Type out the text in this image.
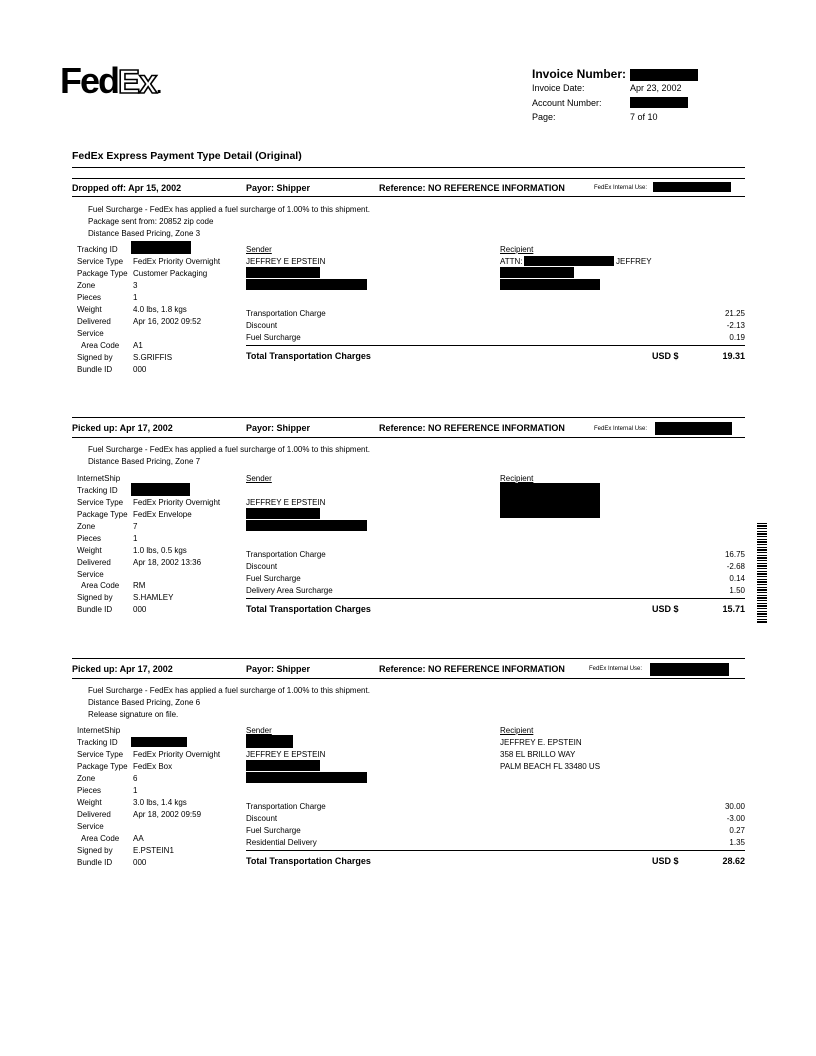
FedEx.
Invoice Number:
Invoice Date:	Apr 23, 2002
Account Number:
Page:	7 of 10
FedEx Express Payment Type Detail (Original)
Dropped off: Apr 15, 2002	Payor: Shipper	Reference: NO REFERENCE INFORMATION	FedEx Internal Use:
Fuel Surcharge - FedEx has applied a fuel surcharge of 1.00% to this shipment.
Package sent from: 20852 zip code
Distance Based Pricing, Zone 3
Tracking ID
Service Type FedEx Priority Overnight
Package Type Customer Packaging
Zone	3
Pieces	1
Weight	4.0 lbs, 1.8 kgs
Delivered	Apr 16, 2002 09:52
Service
Area Code A1
Signed by	S.GRIFFIS
Bundle ID	000
Sender
JEFFREY E EPSTEIN
Recipient
ATTN:	JEFFREY
Transportation Charge	21.25
Discount	-2.13
Fuel Surcharge	0.19
Total Transportation Charges	USD $	19.31
Picked up: Apr 17, 2002	Payor: Shipper	Reference: NO REFERENCE INFORMATION	FedEx Internal Use:
Fuel Surcharge - FedEx has applied a fuel surcharge of 1.00% to this shipment.
Distance Based Pricing, Zone 7
InternetShip
Tracking ID
Service Type FedEx Priority Overnight
Package Type FedEx Envelope
Zone	7
Pieces	1
Weight	1.0 lbs, 0.5 kgs
Delivered	Apr 18, 2002 13:36
Service
Area Code RM
Signed by	S.HAMLEY
Bundle ID	000
Sender
JEFFREY E EPSTEIN
Recipient
Transportation Charge	16.75
Discount	-2.68
Fuel Surcharge	0.14
Delivery Area Surcharge	1.50
Total Transportation Charges	USD $	15.71
Picked up: Apr 17, 2002	Payor: Shipper	Reference: NO REFERENCE INFORMATION	FedEx Internal Use:
Fuel Surcharge - FedEx has applied a fuel surcharge of 1.00% to this shipment.
Distance Based Pricing, Zone 6
Release signature on file.
InternetShip
Tracking ID
Service Type FedEx Priority Overnight
Package Type FedEx Box
Zone	6
Pieces	1
Weight	3.0 lbs, 1.4 kgs
Delivered	Apr 18, 2002 09:59
Service
Area Code AA
Signed by	E.PSTEIN1
Bundle ID	000
Sender
JEFFREY E EPSTEIN
Recipient
JEFFREY E. EPSTEIN
358 EL BRILLO WAY
PALM BEACH FL 33480 US
Transportation Charge	30.00
Discount	-3.00
Fuel Surcharge	0.27
Residential Delivery	1.35
Total Transportation Charges	USD $	28.62
